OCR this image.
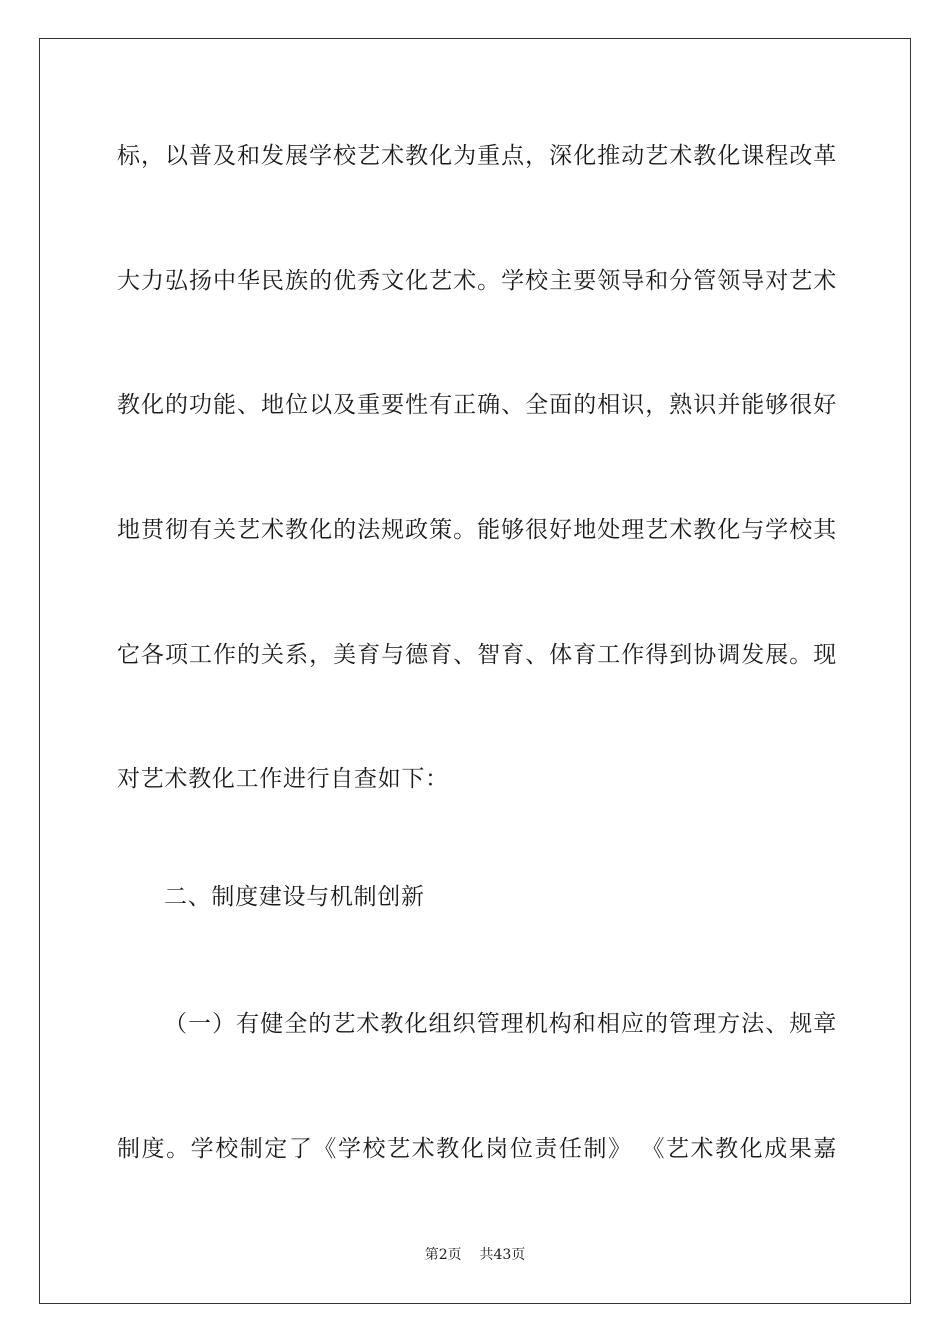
标，以普及和发展学校艺术教化为重点，深化推动艺术教化课程改革
大力弘扬中华民族的优秀文化艺术。学校主要领导和分管领导对艺术
教化的功能、地位以及重要性有正确、全面的相识，熟识并能够很好
地贯彻有关艺术教化的法规政策。能够很好地处理艺术教化与学校其
它各项工作的关系，美育与德育、智育、体育工作得到协调发展。现
对艺术教化工作进行自查如下：
二、制度建设与机制创新
（一）有健全的艺术教化组织管理机构和相应的管理方法、规章
制度。学校制定了《学校艺术教化岗位责任制》 《艺术教化成果嘉
第2页 共43页
